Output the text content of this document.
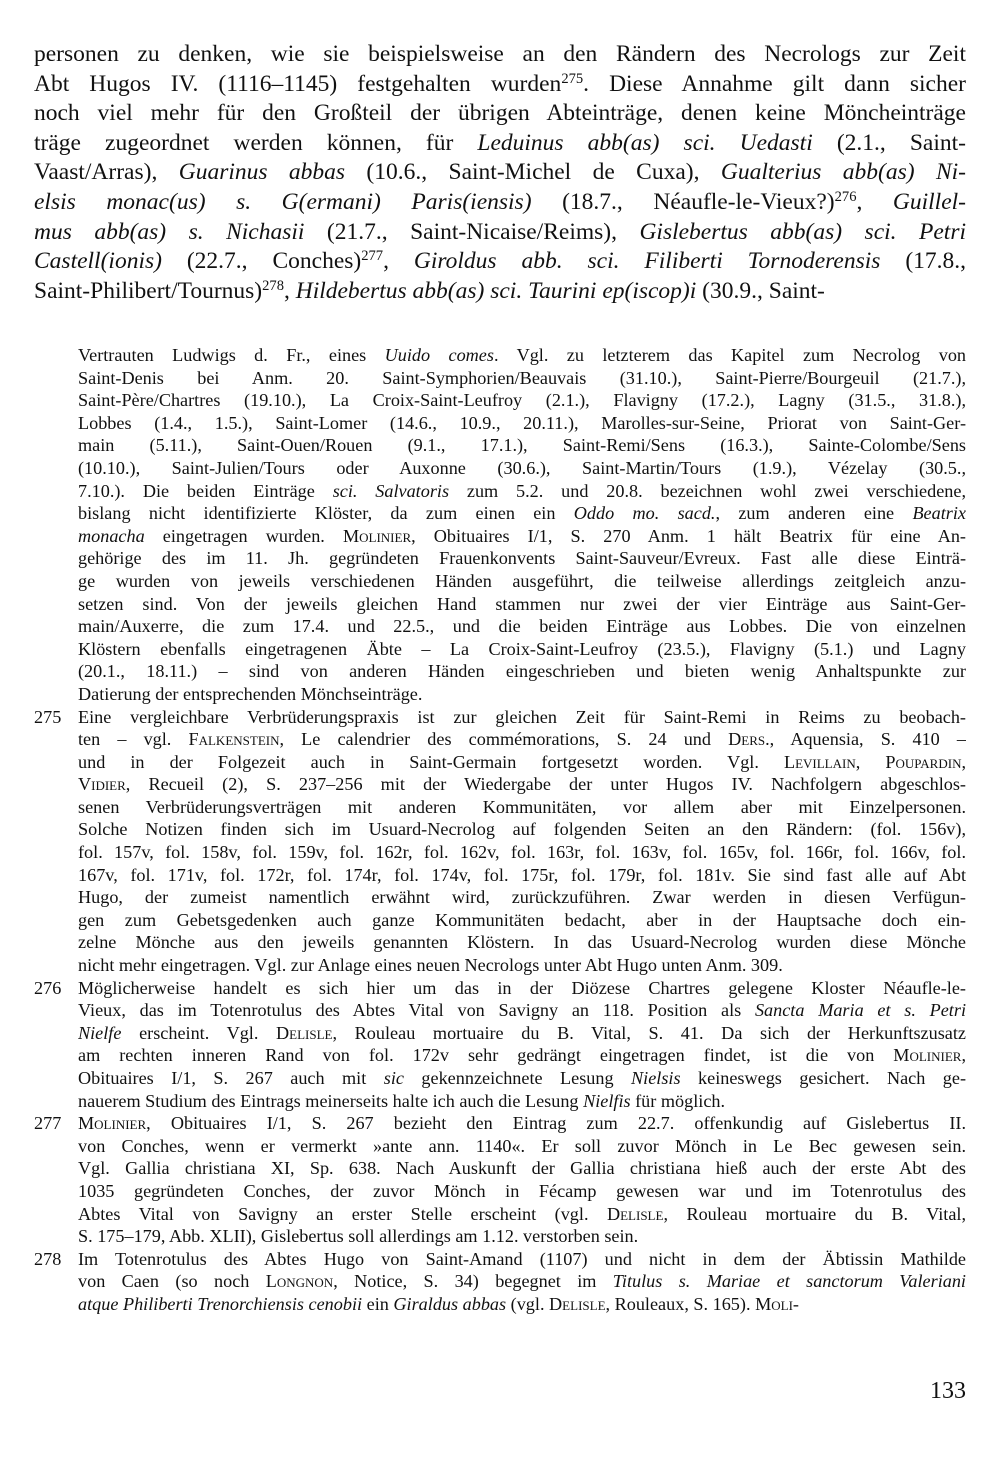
personen zu denken, wie sie beispielsweise an den Rändern des Necrologs zur Zeit
Abt Hugos IV. (1116–1145) festgehalten wurden$^{275}$. Diese Annahme gilt dann sicher
noch viel mehr für den Großteil der übrigen Abteinträge, denen keine Möncheinträge
träge zugeordnet werden können, für Leduinus abb(as) sci. Uedasti (2.1., Saint-
Vaast/Arras), Guarinus abbas (10.6., Saint-Michel de Cuxa), Gualterius abb(as) Ni-
elsis monac(us) s. G(ermani) Paris(iensis) (18.7., Néaufle-le-Vieux?)$^{276}$, Guillel-
mus abb(as) s. Nichasii (21.7., Saint-Nicaise/Reims), Gislebertus abb(as) sci. Petri
Castell(ionis) (22.7., Conches)$^{277}$, Giroldus abb. sci. Filiberti Tornoderensis (17.8.,
Saint-Philibert/Tournus)$^{278}$, Hildebertus abb(as) sci. Taurini ep(iscop)i (30.9., Saint-
Vertrauten Ludwigs d. Fr., eines Uuido comes. Vgl. zu letzterem das Kapitel zum Necrolog von
Saint-Denis bei Anm. 20. Saint-Symphorien/Beauvais (31.10.), Saint-Pierre/Bourgeuil (21.7.),
Saint-Père/Chartres (19.10.), La Croix-Saint-Leufroy (2.1.), Flavigny (17.2.), Lagny (31.5., 31.8.),
Lobbes (1.4., 1.5.), Saint-Lomer (14.6., 10.9., 20.11.), Marolles-sur-Seine, Priorat von Saint-Ger-
main (5.11.), Saint-Ouen/Rouen (9.1., 17.1.), Saint-Remi/Sens (16.3.), Sainte-Colombe/Sens
(10.10.), Saint-Julien/Tours oder Auxonne (30.6.), Saint-Martin/Tours (1.9.), Vézelay (30.5.,
7.10.). Die beiden Einträge sci. Salvatoris zum 5.2. und 20.8. bezeichnen wohl zwei verschiedene,
bislang nicht identifizierte Klöster, da zum einen ein Oddo mo. sacd., zum anderen eine Beatrix
monacha eingetragen wurden. Molinier, Obituaires I/1, S. 270 Anm. 1 hält Beatrix für eine An-
gehörige des im 11. Jh. gegründeten Frauenkonvents Saint-Sauveur/Evreux. Fast alle diese Einträ-
ge wurden von jeweils verschiedenen Händen ausgeführt, die teilweise allerdings zeitgleich anzu-
setzen sind. Von der jeweils gleichen Hand stammen nur zwei der vier Einträge aus Saint-Ger-
main/Auxerre, die zum 17.4. und 22.5., und die beiden Einträge aus Lobbes. Die von einzelnen
Klöstern ebenfalls eingetragenen Äbte – La Croix-Saint-Leufroy (23.5.), Flavigny (5.1.) und Lagny
(20.1., 18.11.) – sind von anderen Händen eingeschrieben und bieten wenig Anhaltspunkte zur
Datierung der entsprechenden Mönchseinträge.
275 Eine vergleichbare Verbrüderungspraxis ist zur gleichen Zeit für Saint-Remi in Reims zu beobach-
ten – vgl. Falkenstein, Le calendrier des commémorations, S. 24 und Ders., Aquensia, S. 410 –
und in der Folgezeit auch in Saint-Germain fortgesetzt worden. Vgl. Levillain, Poupardin,
Vidier, Recueil (2), S. 237–256 mit der Wiedergabe der unter Hugos IV. Nachfolgern abgeschlos-
senen Verbrüderungsverträgen mit anderen Kommunitäten, vor allem aber mit Einzelpersonen.
Solche Notizen finden sich im Usuard-Necrolog auf folgenden Seiten an den Rändern: (fol. 156v),
fol. 157v, fol. 158v, fol. 159v, fol. 162r, fol. 162v, fol. 163r, fol. 163v, fol. 165v, fol. 166r, fol. 166v, fol.
167v, fol. 171v, fol. 172r, fol. 174r, fol. 174v, fol. 175r, fol. 179r, fol. 181v. Sie sind fast alle auf Abt
Hugo, der zumeist namentlich erwähnt wird, zurückzuführen. Zwar werden in diesen Verfügun-
gen zum Gebetsgedenken auch ganze Kommunitäten bedacht, aber in der Hauptsache doch ein-
zelne Mönche aus den jeweils genannten Klöstern. In das Usuard-Necrolog wurden diese Mönche
nicht mehr eingetragen. Vgl. zur Anlage eines neuen Necrologs unter Abt Hugo unten Anm. 309.
276 Möglicherweise handelt es sich hier um das in der Diözese Chartres gelegene Kloster Néaufle-le-
Vieux, das im Totenrotulus des Abtes Vital von Savigny an 118. Position als Sancta Maria et s. Petri
Nielfe erscheint. Vgl. Delisle, Rouleau mortuaire du B. Vital, S. 41. Da sich der Herkunftszusatz
am rechten inneren Rand von fol. 172v sehr gedrängt eingetragen findet, ist die von Molinier,
Obituaires I/1, S. 267 auch mit sic gekennzeichnete Lesung Nielsis keineswegs gesichert. Nach ge-
nauerem Studium des Eintrags meinerseits halte ich auch die Lesung Nielfis für möglich.
277 Molinier, Obituaires I/1, S. 267 bezieht den Eintrag zum 22.7. offenkundig auf Gislebertus II.
von Conches, wenn er vermerkt »ante ann. 1140«. Er soll zuvor Mönch in Le Bec gewesen sein.
Vgl. Gallia christiana XI, Sp. 638. Nach Auskunft der Gallia christiana hieß auch der erste Abt des
1035 gegründeten Conches, der zuvor Mönch in Fécamp gewesen war und im Totenrotulus des
Abtes Vital von Savigny an erster Stelle erscheint (vgl. Delisle, Rouleau mortuaire du B. Vital,
S. 175–179, Abb. XLII), Gislebertus soll allerdings am 1.12. verstorben sein.
278 Im Totenrotulus des Abtes Hugo von Saint-Amand (1107) und nicht in dem der Äbtissin Mathilde
von Caen (so noch Longnon, Notice, S. 34) begegnet im Titulus s. Mariae et sanctorum Valeriani
atque Philiberti Trenorchiensis cenobii ein Giraldus abbas (vgl. Delisle, Rouleaux, S. 165). Moli-
133
